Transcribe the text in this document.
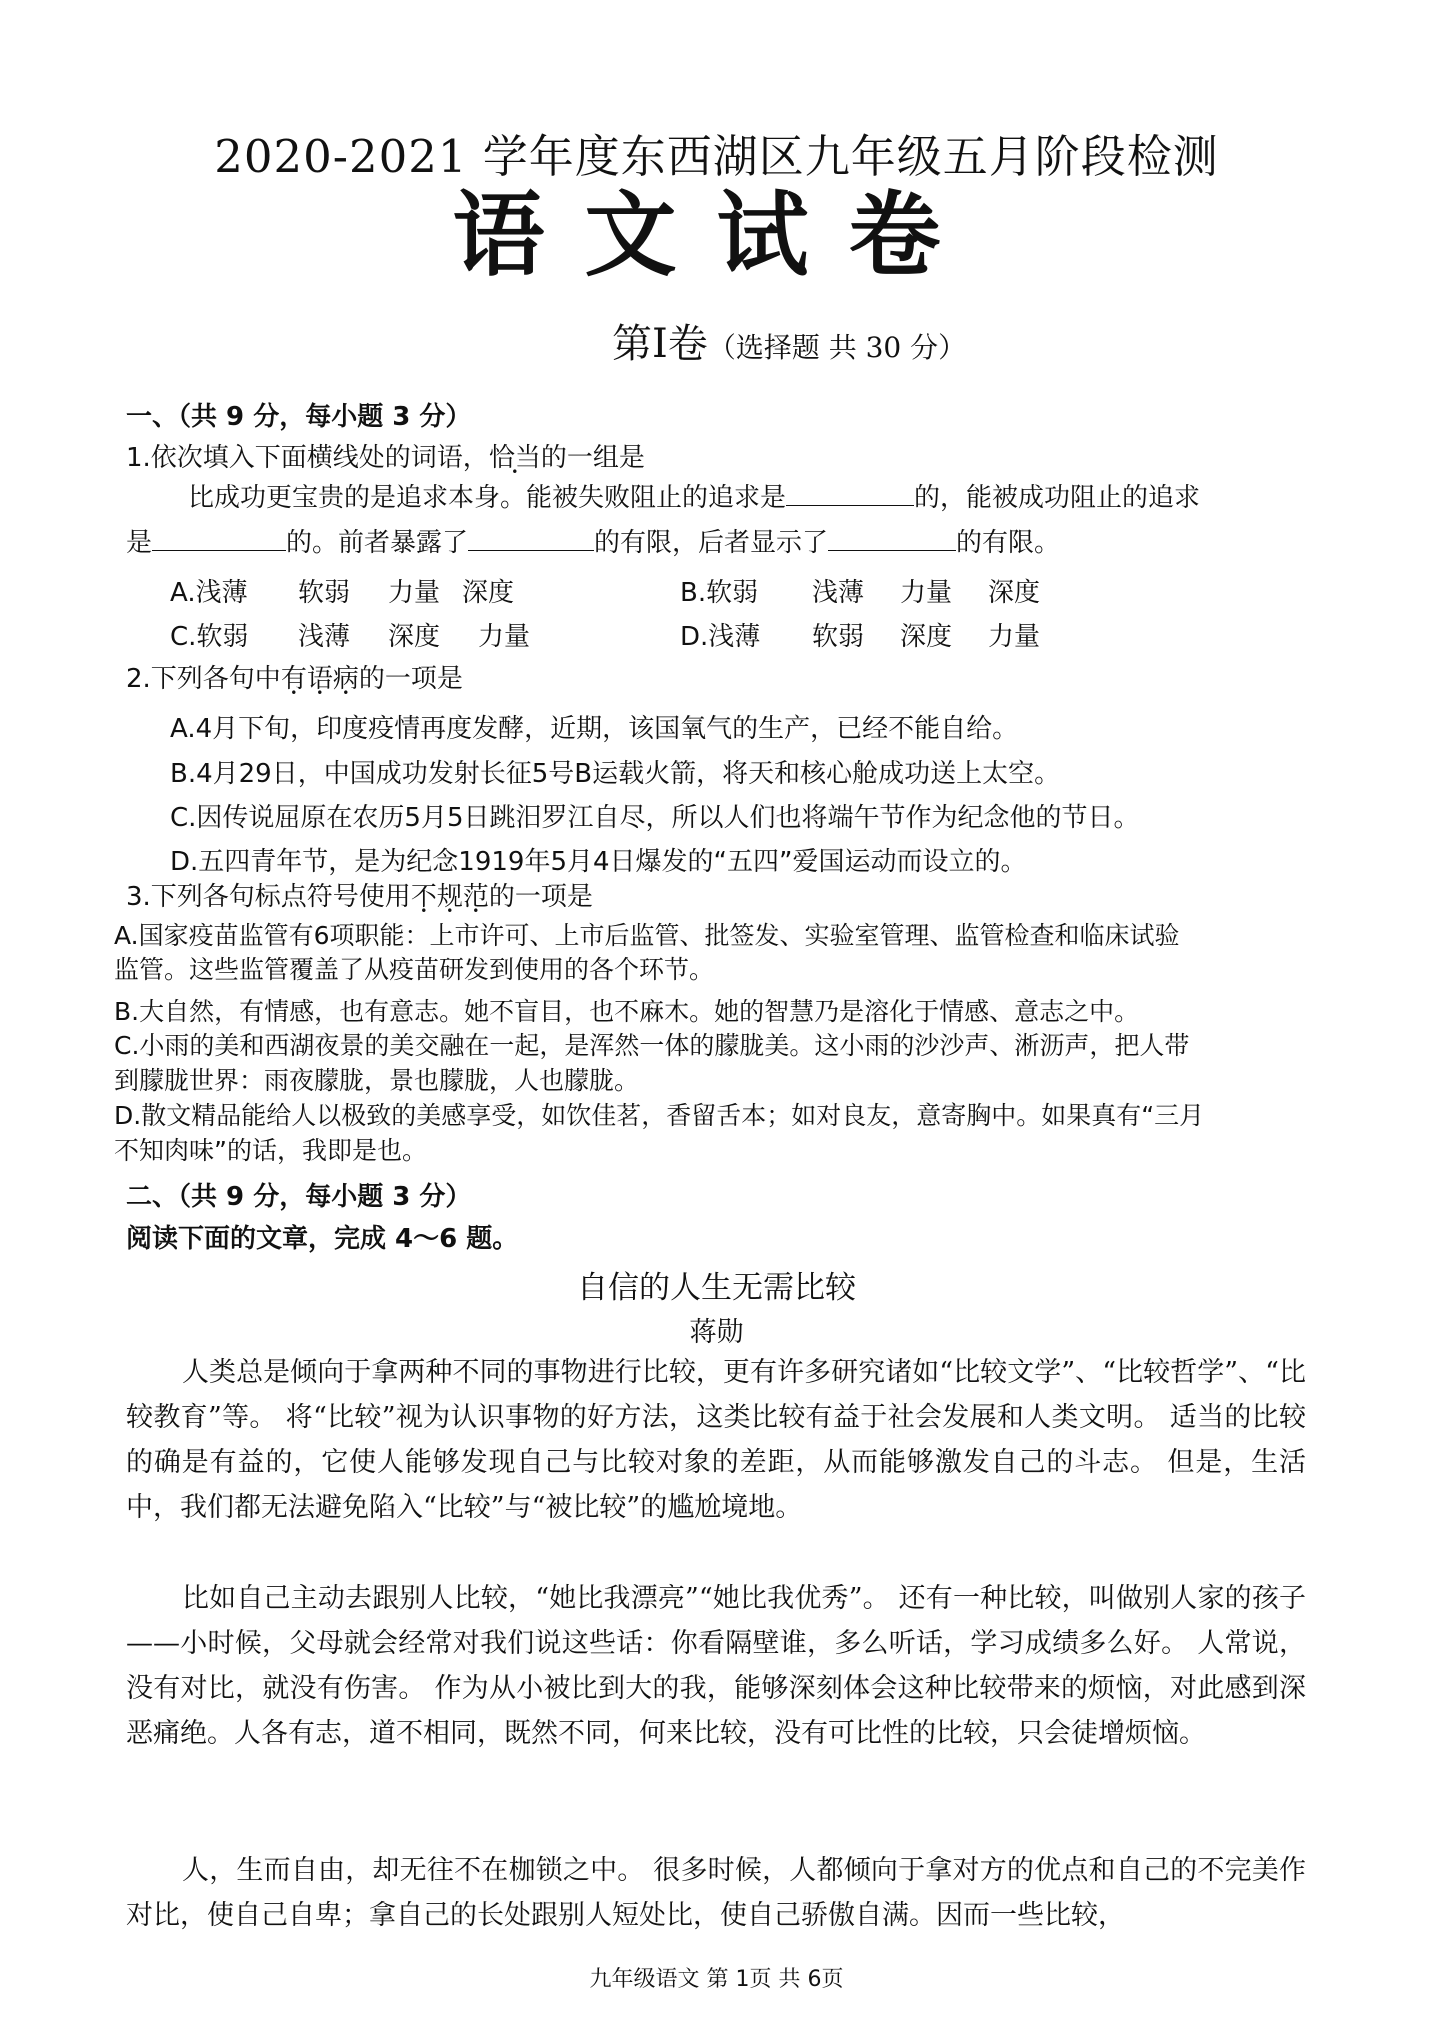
2020-2021 学年度东西湖区九年级五月阶段检测
语文试卷
第Ⅰ卷（选择题 共 30 分）
一、（共 9 分，每小题 3 分）
1.依次填入下面横线处的词语，恰当的一组是
比成功更宝贵的是追求本身。能被失败阻止的追求是	的，能被成功阻止的追求
是	的。前者暴露了	的有限，后者显示了	的有限。
A.浅薄 软弱 力量 深度	B.软弱 浅薄 力量 深度
C.软弱 浅薄 深度 力量	D.浅薄 软弱 深度 力量
2.下列各句中有语病的一项是
A.4月下旬，印度疫情再度发酵，近期，该国氧气的生产，已经不能自给。
B.4月29日，中国成功发射长征5号B运载火箭，将天和核心舱成功送上太空。
C.因传说屈原在农历5月5日跳汨罗江自尽，所以人们也将端午节作为纪念他的节日。
D.五四青年节，是为纪念1919年5月4日爆发的“五四”爱国运动而设立的。
3.下列各句标点符号使用不规范的一项是
A.国家疫苗监管有6项职能：上市许可、上市后监管、批签发、实验室管理、监管检查和临床试验
监管。这些监管覆盖了从疫苗研发到使用的各个环节。
B.大自然，有情感，也有意志。她不盲目，也不麻木。她的智慧乃是溶化于情感、意志之中。
C.小雨的美和西湖夜景的美交融在一起，是浑然一体的朦胧美。这小雨的沙沙声、淅沥声，把人带
到朦胧世界：雨夜朦胧，景也朦胧，人也朦胧。
D.散文精品能给人以极致的美感享受，如饮佳茗，香留舌本；如对良友，意寄胸中。如果真有“三月
不知肉味”的话，我即是也。
二、（共 9 分，每小题 3 分）
阅读下面的文章，完成 4～6 题。
自信的人生无需比较
蒋勋
人类总是倾向于拿两种不同的事物进行比较，更有许多研究诸如“比较文学”、“比较哲学”、“比较教育”等。 将“比较”视为认识事物的好方法，这类比较有益于社会发展和人类文明。 适当的比较的确是有益的，它使人能够发现自己与比较对象的差距，从而能够激发自己的斗志。 但是，生活中，我们都无法避免陷入“比较”与“被比较”的尴尬境地。
比如自己主动去跟别人比较，“她比我漂亮”“她比我优秀”。 还有一种比较，叫做别人家的孩子——小时候，父母就会经常对我们说这些话：你看隔壁谁，多么听话，学习成绩多么好。 人常说，没有对比，就没有伤害。 作为从小被比到大的我，能够深刻体会这种比较带来的烦恼，对此感到深恶痛绝。人各有志，道不相同，既然不同，何来比较，没有可比性的比较，只会徒增烦恼。
人，生而自由，却无往不在枷锁之中。 很多时候，人都倾向于拿对方的优点和自己的不完美作对比，使自己自卑；拿自己的长处跟别人短处比，使自己骄傲自满。因而一些比较，
九年级语文 第 1页 共 6页
